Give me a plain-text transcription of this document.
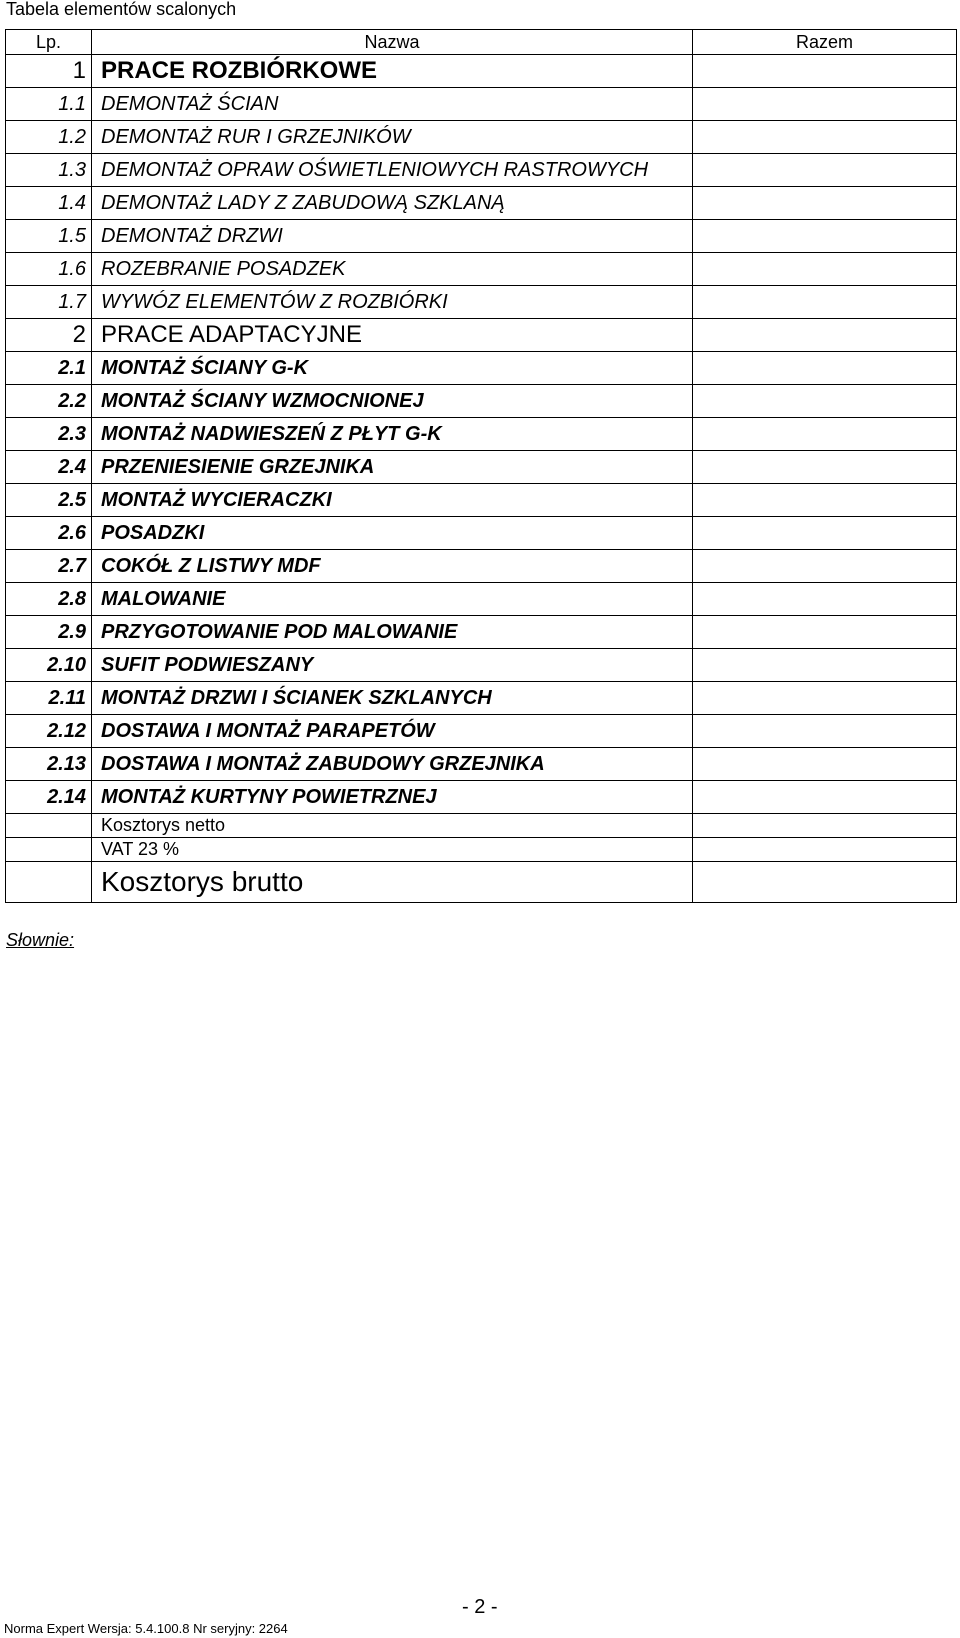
Tabela elementów scalonych
Lp.	Nazwa	Razem
1	PRACE ROZBIÓRKOWE	
1.1	DEMONTAŻ ŚCIAN	
1.2	DEMONTAŻ RUR I GRZEJNIKÓW	
1.3	DEMONTAŻ OPRAW OŚWIETLENIOWYCH RASTROWYCH	
1.4	DEMONTAŻ LADY Z ZABUDOWĄ SZKLANĄ	
1.5	DEMONTAŻ DRZWI	
1.6	ROZEBRANIE POSADZEK	
1.7	WYWÓZ ELEMENTÓW Z ROZBIÓRKI	
2	PRACE ADAPTACYJNE	
2.1	MONTAŻ ŚCIANY G-K	
2.2	MONTAŻ ŚCIANY WZMOCNIONEJ	
2.3	MONTAŻ NADWIESZEŃ Z PŁYT G-K	
2.4	PRZENIESIENIE GRZEJNIKA	
2.5	MONTAŻ WYCIERACZKI	
2.6	POSADZKI	
2.7	COKÓŁ Z LISTWY MDF	
2.8	MALOWANIE	
2.9	PRZYGOTOWANIE POD MALOWANIE	
2.10	SUFIT PODWIESZANY	
2.11	MONTAŻ DRZWI I ŚCIANEK SZKLANYCH	
2.12	DOSTAWA I MONTAŻ PARAPETÓW	
2.13	DOSTAWA I MONTAŻ ZABUDOWY GRZEJNIKA	
2.14	MONTAŻ KURTYNY POWIETRZNEJ	
	Kosztorys netto	
	VAT 23 %	
	Kosztorys brutto	
Słownie:
- 2 -
Norma Expert Wersja: 5.4.100.8 Nr seryjny: 2264
